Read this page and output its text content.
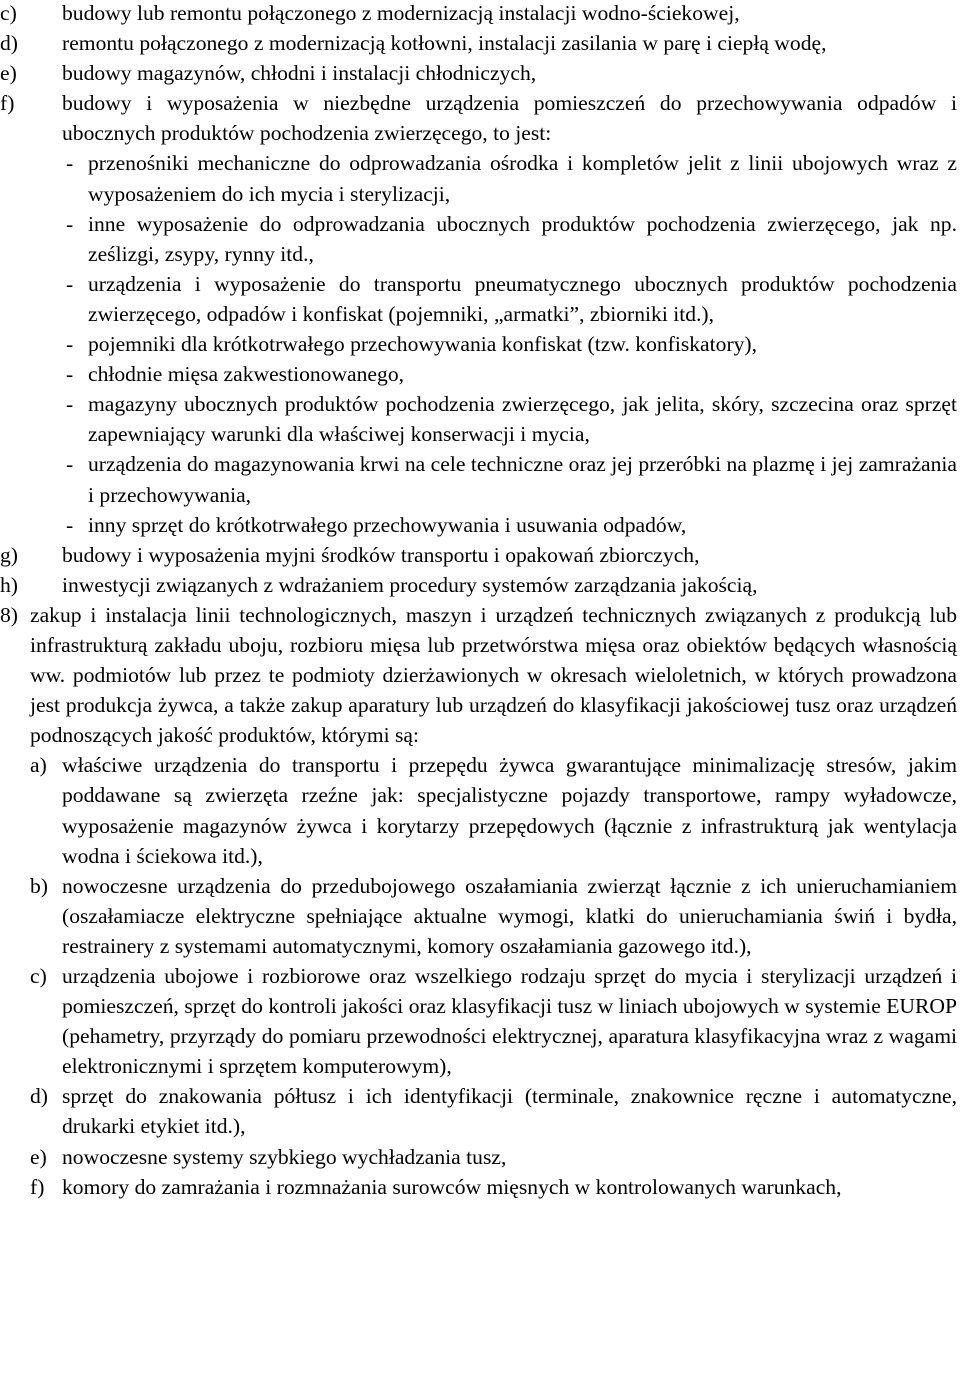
c)	budowy lub remontu połączonego z modernizacją instalacji wodno-ściekowej,
d)	remontu połączonego z modernizacją kotłowni, instalacji zasilania w parę i ciepłą wodę,
e)	budowy magazynów, chłodni i instalacji chłodniczych,
f)	budowy i wyposażenia w niezbędne urządzenia pomieszczeń do przechowywania odpadów i ubocznych produktów pochodzenia zwierzęcego, to jest:
- przenośniki mechaniczne do odprowadzania ośrodka i kompletów jelit z linii ubojowych wraz z wyposażeniem do ich mycia i sterylizacji,
- inne wyposażenie do odprowadzania ubocznych produktów pochodzenia zwierzęcego, jak np. ześlizgi, zsypy, rynny itd.,
- urządzenia i wyposażenie do transportu pneumatycznego ubocznych produktów pochodzenia zwierzęcego, odpadów i konfiskat (pojemniki, „armatki”, zbiorniki itd.),
- pojemniki dla krótkotrwałego przechowywania konfiskat (tzw. konfiskatory),
- chłodnie mięsa zakwestionowanego,
- magazyny ubocznych produktów pochodzenia zwierzęcego, jak jelita, skóry, szczecina oraz sprzęt zapewniający warunki dla właściwej konserwacji i mycia,
- urządzenia do magazynowania krwi na cele techniczne oraz jej przeróbki na plazmę i jej zamrażania i przechowywania,
- inny sprzęt do krótkotrwałego przechowywania i usuwania odpadów,
g)	budowy i wyposażenia myjni środków transportu i opakowań zbiorczych,
h)	inwestycji związanych z wdrażaniem procedury systemów zarządzania jakością,
8) zakup i instalacja linii technologicznych, maszyn i urządzeń technicznych związanych z produkcją lub infrastrukturą zakładu uboju, rozbioru mięsa lub przetwórstwa mięsa oraz obiektów będących własnością ww. podmiotów lub przez te podmioty dzierżawionych w okresach wieloletnich, w których prowadzona jest produkcja żywca, a także zakup aparatury lub urządzeń do klasyfikacji jakościowej tusz oraz urządzeń podnoszących jakość produktów, którymi są:
a) właściwe urządzenia do transportu i przepędu żywca gwarantujące minimalizację stresów, jakim poddawane są zwierzęta rzeźne jak: specjalistyczne pojazdy transportowe, rampy wyładowcze, wyposażenie magazynów żywca i korytarzy przepędowych (łącznie z infrastrukturą jak wentylacja wodna i ściekowa itd.),
b) nowoczesne urządzenia do przedubojowego oszałamiania zwierząt łącznie z ich unieruchamianiem (oszałamiacze elektryczne spełniające aktualne wymogi, klatki do unieruchamiania świń i bydła, restrainery z systemami automatycznymi, komory oszałamiania gazowego itd.),
c) urządzenia ubojowe i rozbiorowe oraz wszelkiego rodzaju sprzęt do mycia i sterylizacji urządzeń i pomieszczeń, sprzęt do kontroli jakości oraz klasyfikacji tusz w liniach ubojowych w systemie EUROP (pehametry, przyrządy do pomiaru przewodności elektrycznej, aparatura klasyfikacyjna wraz z wagami elektronicznymi i sprzętem komputerowym),
d) sprzęt do znakowania półtusz i ich identyfikacji (terminale, znakownice ręczne i automatyczne, drukarki etykiet itd.),
e) nowoczesne systemy szybkiego wychładzania tusz,
f) komory do zamrażania i rozmnażania surowców mięsnych w kontrolowanych warunkach,
